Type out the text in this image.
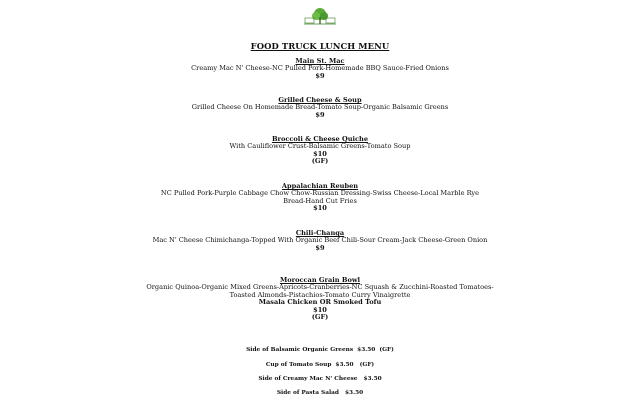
FOOD TRUCK LUNCH MENU
Main St. Mac
Creamy Mac N' Cheese-NC Pulled Pork-Homemade BBQ Sauce-Fried Onions
$9
Grilled Cheese & Soup
Grilled Cheese On Homemade Bread-Tomato Soup-Organic Balsamic Greens
$9
Broccoli & Cheese Quiche
With Cauliflower Crust-Balsamic Greens-Tomato Soup
$10
(GF)
Appalachian Reuben
NC Pulled Pork-Purple Cabbage Chow Chow-Russian Dressing-Swiss Cheese-Local Marble Rye Bread-Hand Cut Fries
$10
Chili-Changa
Mac N' Cheese Chimichanga-Topped With Organic Beef Chili-Sour Cream-Jack Cheese-Green Onion
$9
Moroccan Grain Bowl
Organic Quinoa-Organic Mixed Greens-Apricots-Cranberries-NC Squash & Zucchini-Roasted Tomatoes-Toasted Almonds-Pistachios-Tomato Curry Vinaigrette
Masala Chicken OR Smoked Tofu
$10
(GF)
Side of Balsamic Organic Greens  $3.50  (GF)
Cup of Tomato Soup  $3.50   (GF)
Side of Creamy Mac N' Cheese   $3.50
Side of Pasta Salad   $3.50
